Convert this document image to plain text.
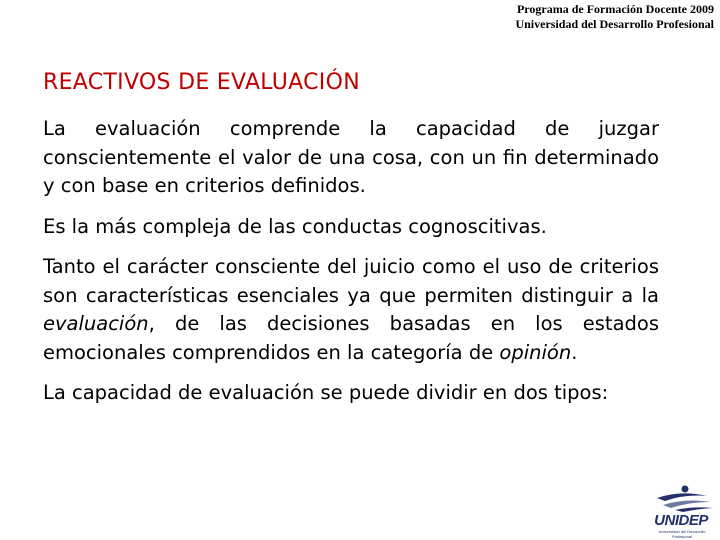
Programa de Formación Docente 2009
Universidad del Desarrollo Profesional
REACTIVOS DE EVALUACIÓN

La evaluación comprende la capacidad de juzgar conscientemente el valor de una cosa, con un fin determinado y con base en criterios definidos.

Es la más compleja de las conductas cognoscitivas.

Tanto el carácter consciente del juicio como el uso de criterios son características esenciales ya que permiten distinguir a la evaluación, de las decisiones basadas en los estados emocionales comprendidos en la categoría de opinión.

La capacidad de evaluación se puede dividir en dos tipos:

UNIDEP
Universidad del Desarrollo Profesional
